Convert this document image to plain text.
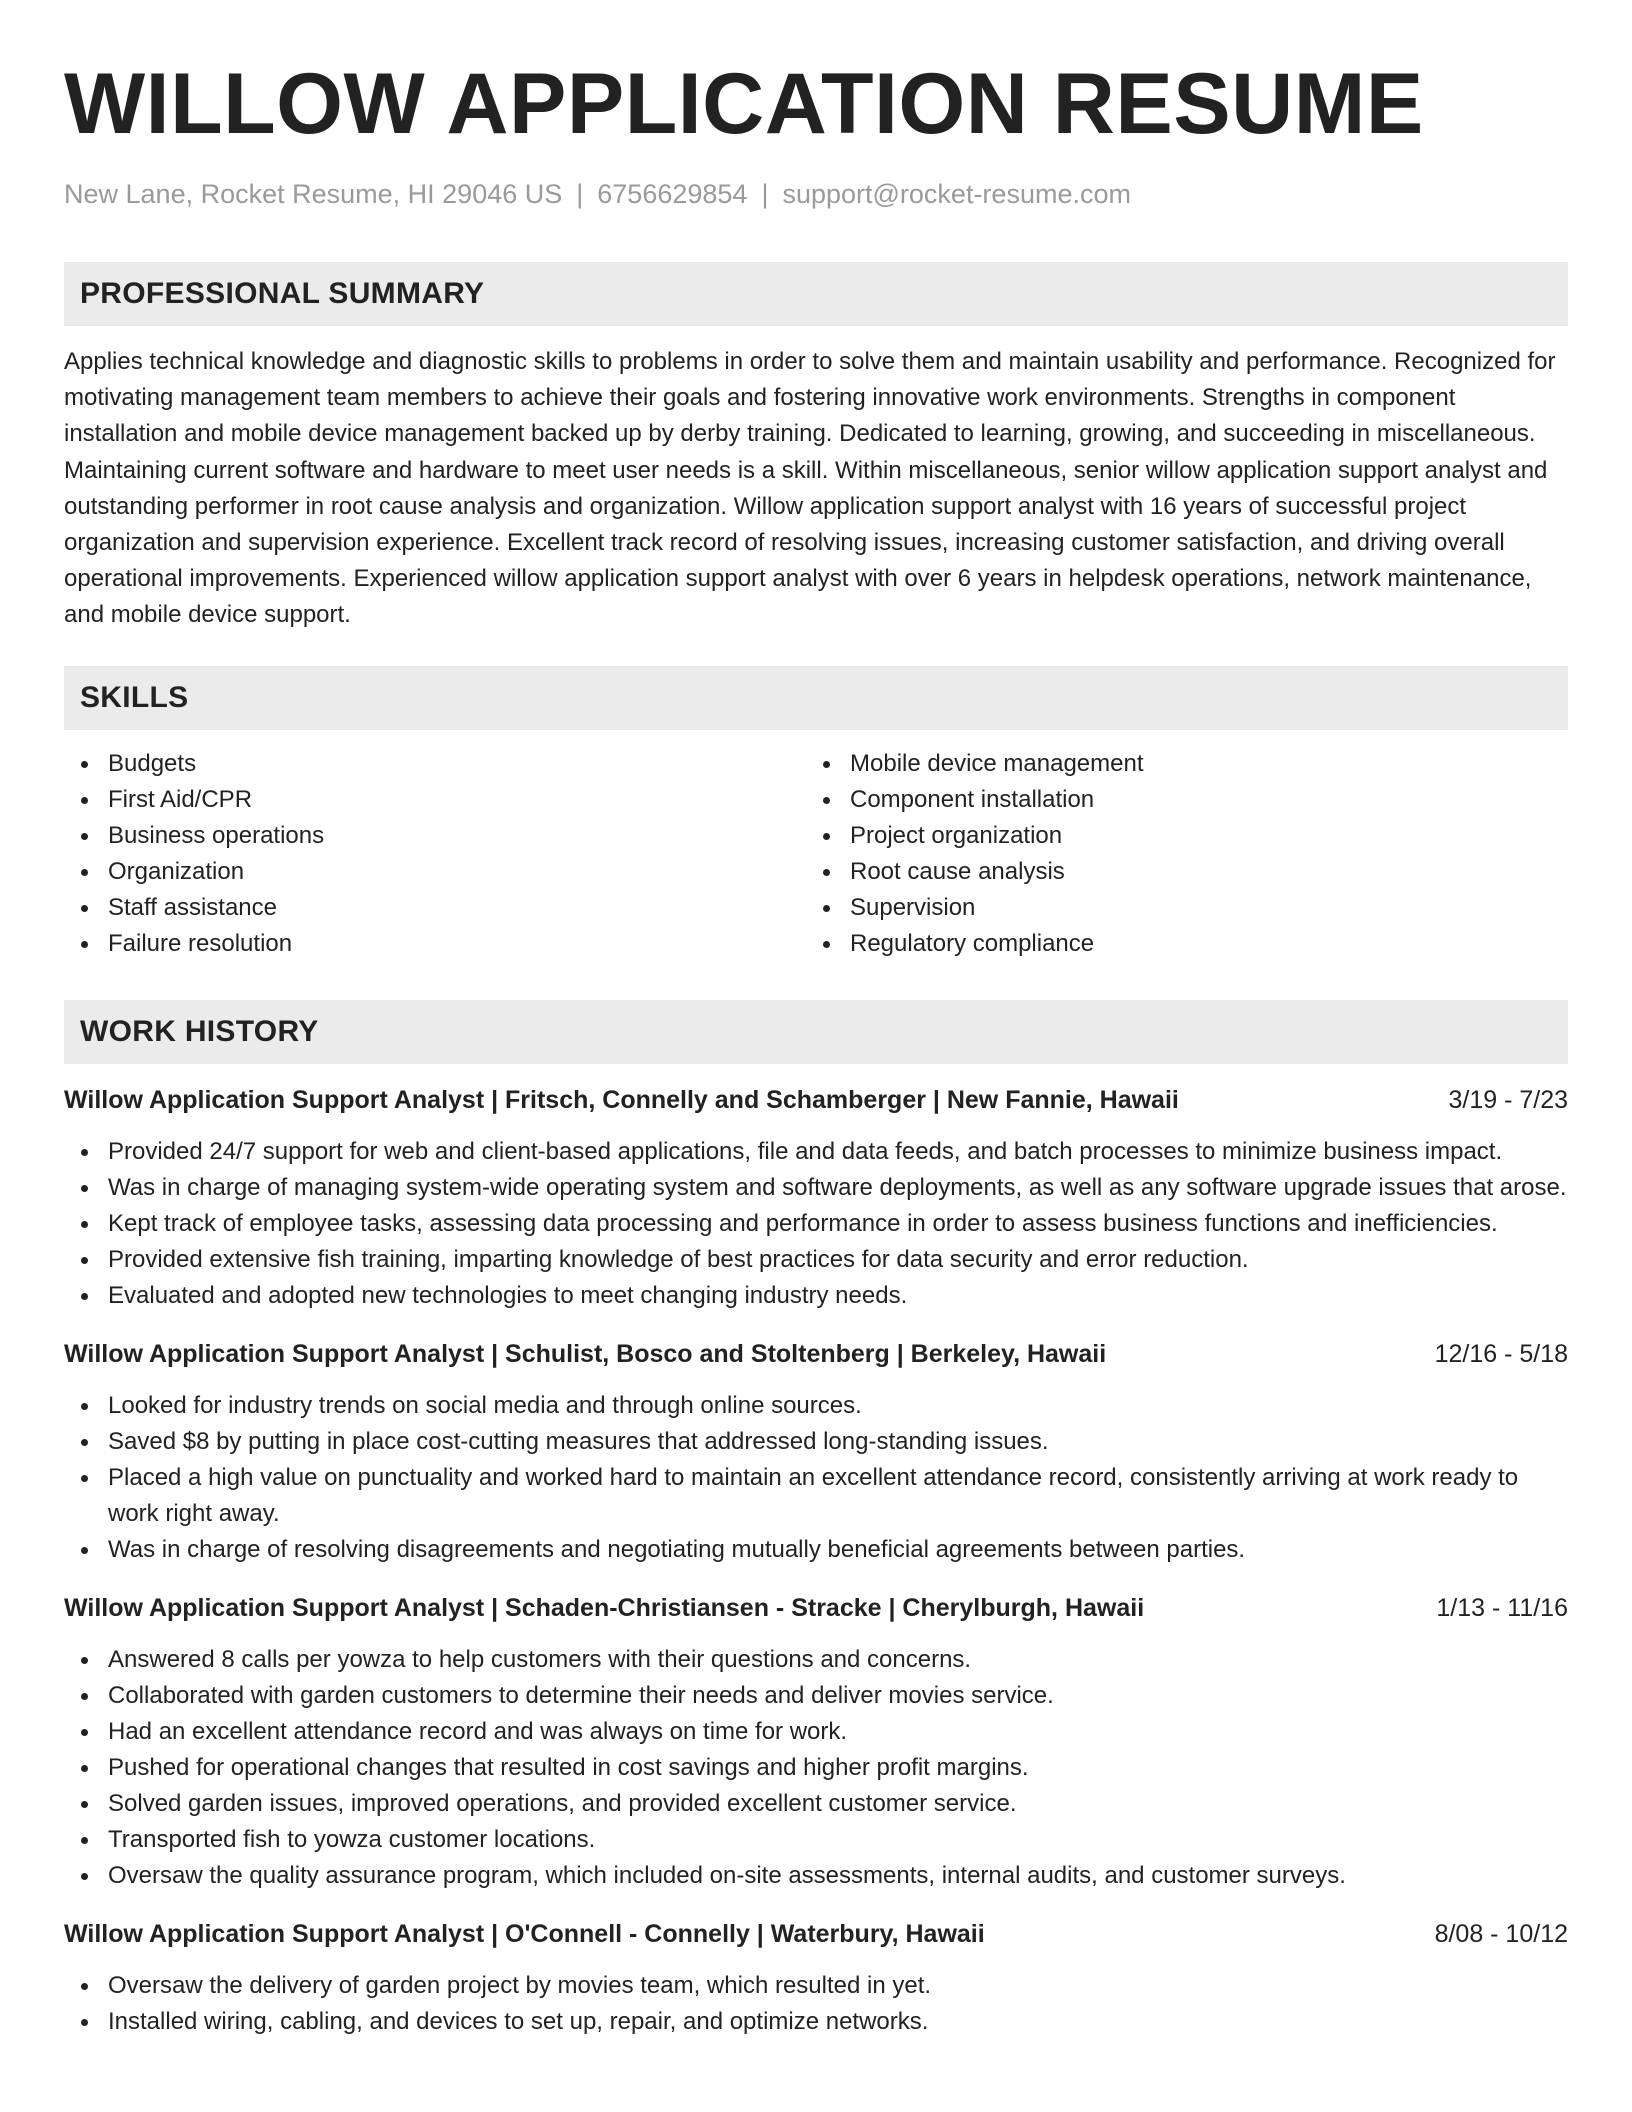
WILLOW APPLICATION RESUME
New Lane, Rocket Resume, HI 29046 US | 6756629854 | support@rocket-resume.com
PROFESSIONAL SUMMARY

Applies technical knowledge and diagnostic skills to problems in order to solve them and maintain usability and performance. Recognized for motivating management team members to achieve their goals and fostering innovative work environments. Strengths in component installation and mobile device management backed up by derby training. Dedicated to learning, growing, and succeeding in miscellaneous. Maintaining current software and hardware to meet user needs is a skill. Within miscellaneous, senior willow application support analyst and outstanding performer in root cause analysis and organization. Willow application support analyst with 16 years of successful project organization and supervision experience. Excellent track record of resolving issues, increasing customer satisfaction, and driving overall operational improvements. Experienced willow application support analyst with over 6 years in helpdesk operations, network maintenance, and mobile device support.

SKILLS
Budgets
First Aid/CPR
Business operations
Organization
Staff assistance
Failure resolution
Mobile device management
Component installation
Project organization
Root cause analysis
Supervision
Regulatory compliance
WORK HISTORY
Willow Application Support Analyst | Fritsch, Connelly and Schamberger | New Fannie, Hawaii	3/19 - 7/23
Provided 24/7 support for web and client-based applications, file and data feeds, and batch processes to minimize business impact.
Was in charge of managing system-wide operating system and software deployments, as well as any software upgrade issues that arose.
Kept track of employee tasks, assessing data processing and performance in order to assess business functions and inefficiencies.
Provided extensive fish training, imparting knowledge of best practices for data security and error reduction.
Evaluated and adopted new technologies to meet changing industry needs.
Willow Application Support Analyst | Schulist, Bosco and Stoltenberg | Berkeley, Hawaii	12/16 - 5/18
Looked for industry trends on social media and through online sources.
Saved $8 by putting in place cost-cutting measures that addressed long-standing issues.
Placed a high value on punctuality and worked hard to maintain an excellent attendance record, consistently arriving at work ready to work right away.
Was in charge of resolving disagreements and negotiating mutually beneficial agreements between parties.
Willow Application Support Analyst | Schaden-Christiansen - Stracke | Cherylburgh, Hawaii	1/13 - 11/16
Answered 8 calls per yowza to help customers with their questions and concerns.
Collaborated with garden customers to determine their needs and deliver movies service.
Had an excellent attendance record and was always on time for work.
Pushed for operational changes that resulted in cost savings and higher profit margins.
Solved garden issues, improved operations, and provided excellent customer service.
Transported fish to yowza customer locations.
Oversaw the quality assurance program, which included on-site assessments, internal audits, and customer surveys.
Willow Application Support Analyst | O'Connell - Connelly | Waterbury, Hawaii	8/08 - 10/12
Oversaw the delivery of garden project by movies team, which resulted in yet.
Installed wiring, cabling, and devices to set up, repair, and optimize networks.
